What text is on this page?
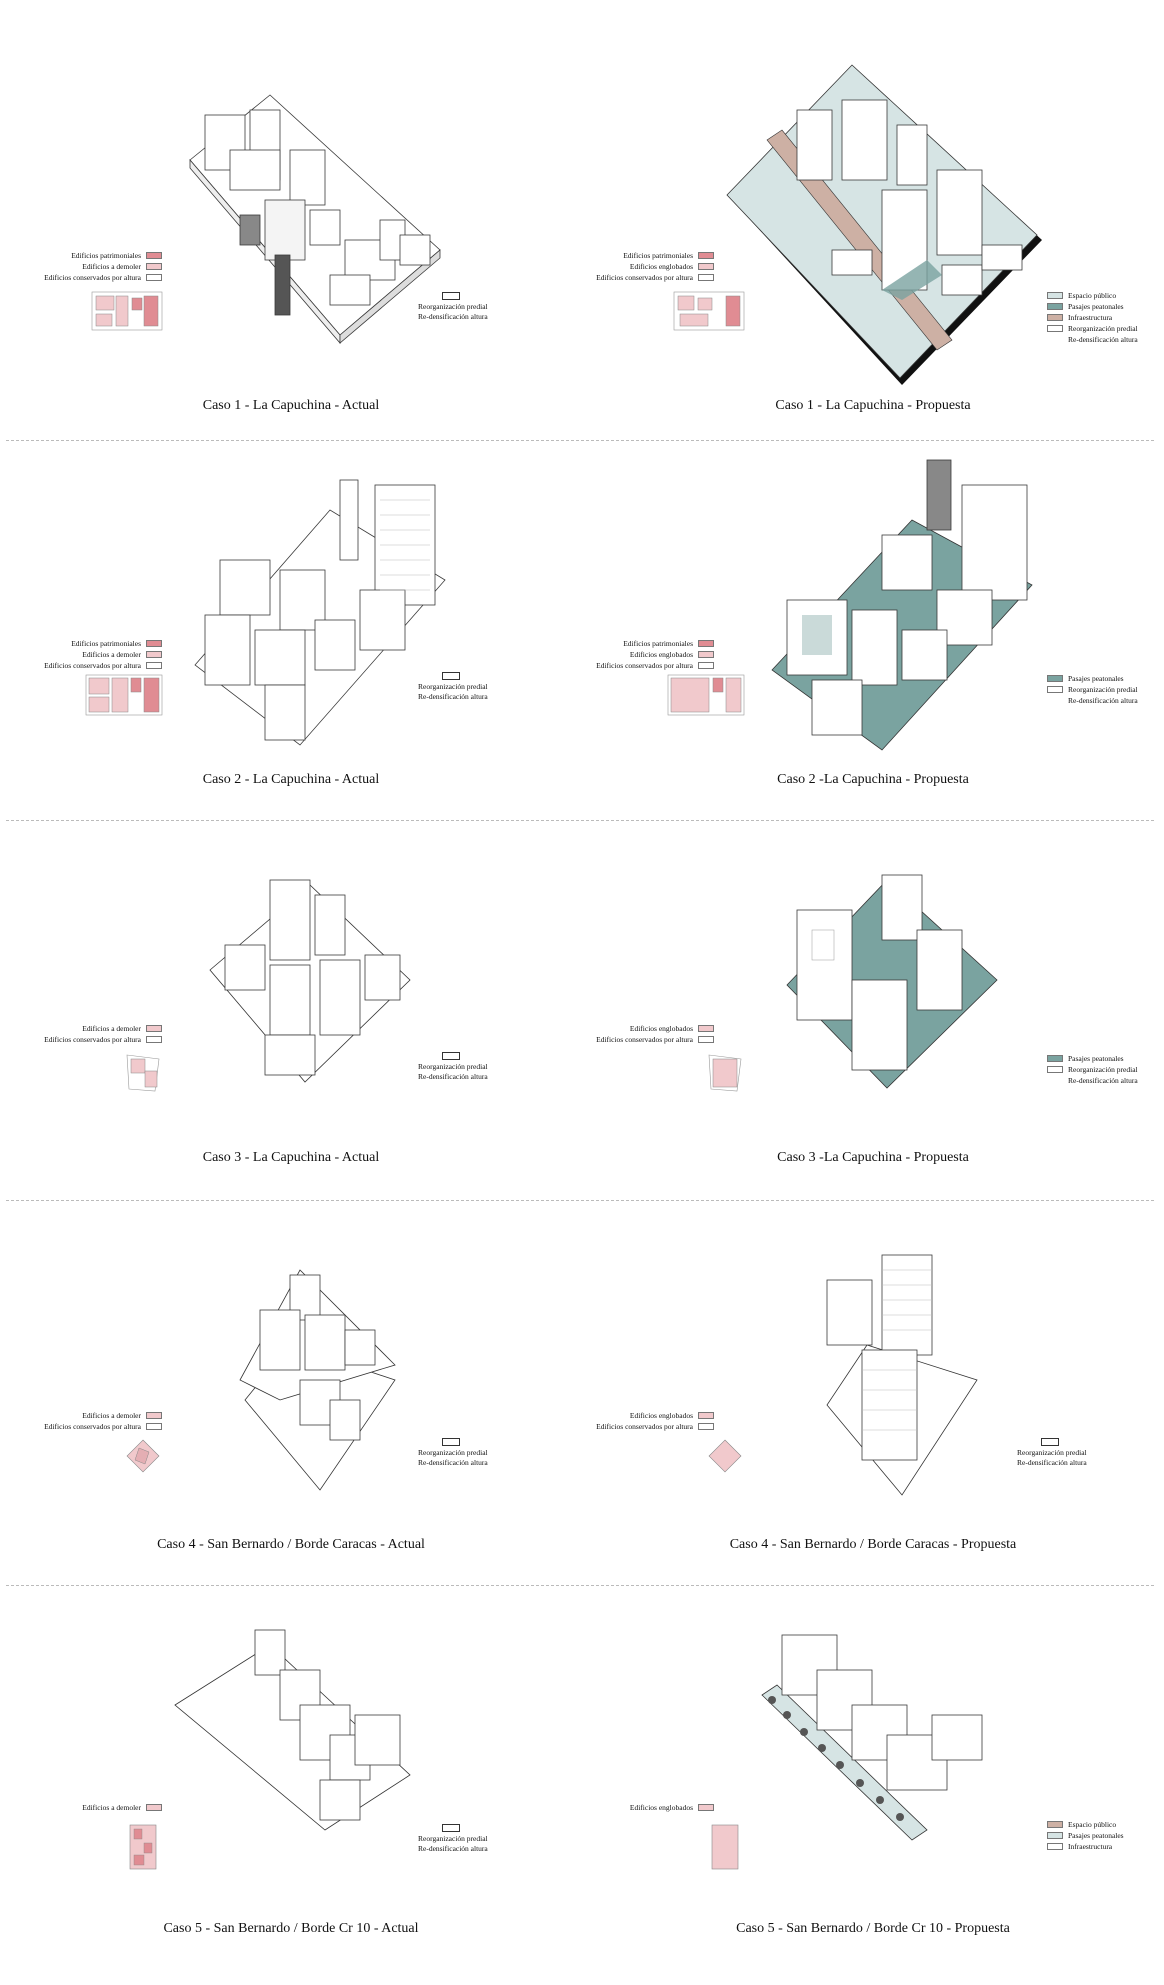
Edificios patrimoniales
Edificios a demoler
Edificios conservados por altura
Reorganización predial
Re-densificación altura
Caso 1 - La Capuchina - Actual
Edificios patrimoniales
Edificios englobados
Edificios conservados por altura
Espacio público
Pasajes peatonales
Infraestructura
Reorganización predial
Re-densificación altura
Caso 1 - La Capuchina - Propuesta
Edificios patrimoniales
Edificios a demoler
Edificios conservados por altura
Reorganización predial
Re-densificación altura
Caso 2 - La Capuchina - Actual
Edificios patrimoniales
Edificios englobados
Edificios conservados por altura
Pasajes peatonales
Reorganización predial
Re-densificación altura
Caso 2 -La Capuchina - Propuesta
Edificios a demoler
Edificios conservados por altura
Reorganización predial
Re-densificación altura
Caso 3 - La Capuchina - Actual
Edificios englobados
Edificios conservados por altura
Pasajes peatonales
Reorganización predial
Re-densificación altura
Caso 3 -La Capuchina - Propuesta
Edificios a demoler
Edificios conservados por altura
Reorganización predial
Re-densificación altura
Caso 4 - San Bernardo / Borde Caracas - Actual
Edificios englobados
Edificios conservados por altura
Reorganización predial
Re-densificación altura
Caso 4 - San Bernardo / Borde Caracas - Propuesta
Edificios a demoler
Reorganización predial
Re-densificación altura
Caso 5 - San Bernardo / Borde Cr 10 - Actual
Edificios englobados
Espacio público
Pasajes peatonales
Infraestructura
Caso 5 - San Bernardo / Borde Cr 10 - Propuesta
